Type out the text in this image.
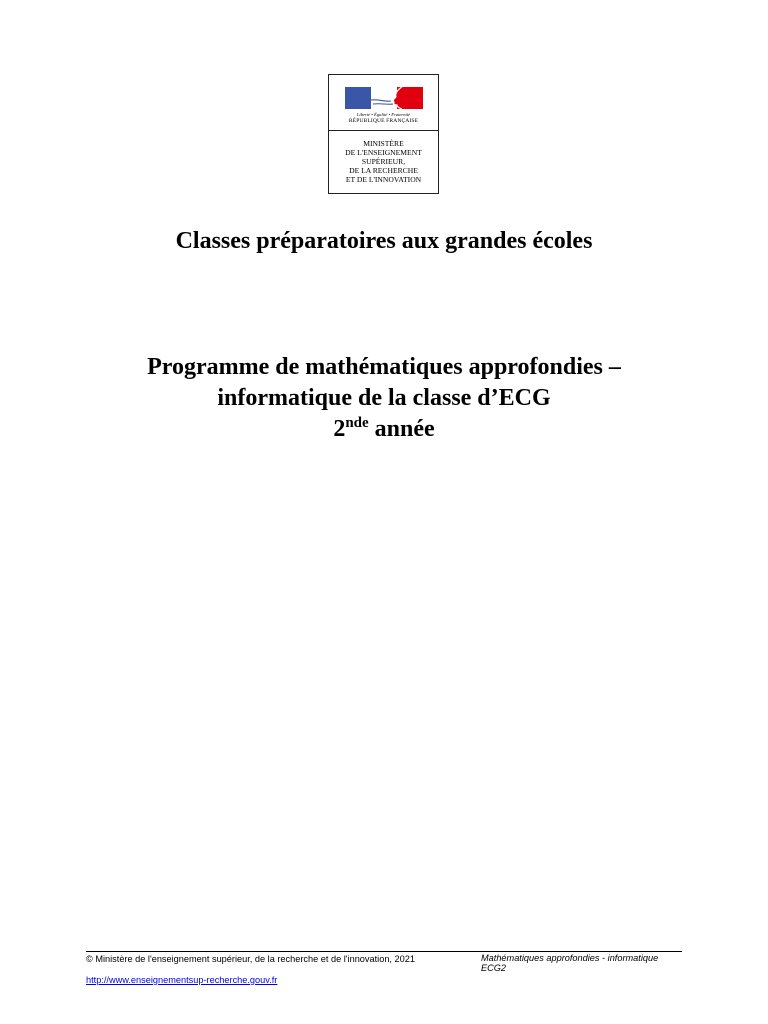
Liberté • Égalité • Fraternité
RÉPUBLIQUE FRANÇAISE
MINISTÈRE
DE L'ENSEIGNEMENT
SUPÉRIEUR,
DE LA RECHERCHE
ET DE L'INNOVATION
Classes préparatoires aux grandes écoles
Programme de mathématiques approfondies –
informatique de la classe d’ECG
2nde année
© Ministère de l'enseignement supérieur, de la recherche et de l'innovation, 2021	Mathématiques approfondies - informatique ECG2
http://www.enseignementsup-recherche.gouv.fr
